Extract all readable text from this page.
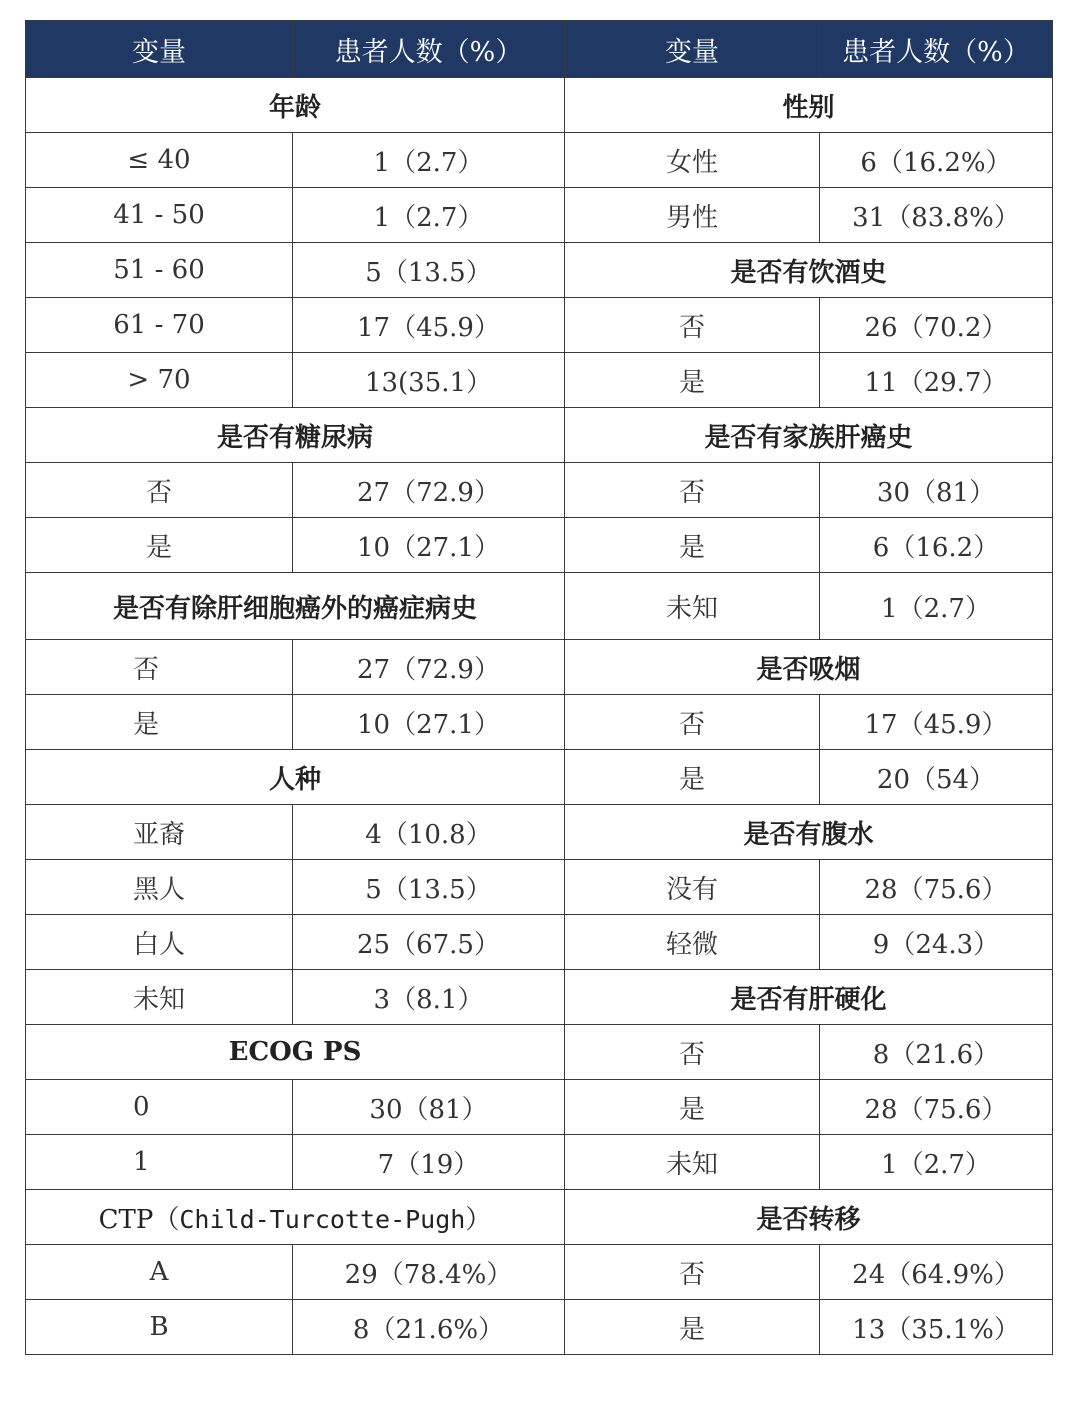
变量	患者人数（%）	变量	患者人数（%）
年龄		性别	
≤ 40	1（2.7）	女性	6（16.2%）
41 - 50	1（2.7）	男性	31（83.8%）
51 - 60	5（13.5）	是否有饮酒史	
61 - 70	17（45.9）	否	26（70.2）
> 70	13(35.1）	是	11（29.7）
是否有糖尿病		是否有家族肝癌史	
否	27（72.9）	否	30（81）
是	10（27.1）	是	6（16.2）
是否有除肝细胞癌外的癌症病史		未知	1（2.7）
否	27（72.9）	是否吸烟	
是	10（27.1）	否	17（45.9）
人种		是	20（54）
亚裔	4（10.8）	是否有腹水	
黑人	5（13.5）	没有	28（75.6）
白人	25（67.5）	轻微	9（24.3）
未知	3（8.1）	是否有肝硬化	
ECOG PS		否	8（21.6）
0	30（81）	是	28（75.6）
1	7（19）	未知	1（2.7）
CTP（Child-Turcotte-Pugh）		是否转移	
A	29（78.4%）	否	24（64.9%）
B	8（21.6%）	是	13（35.1%）
